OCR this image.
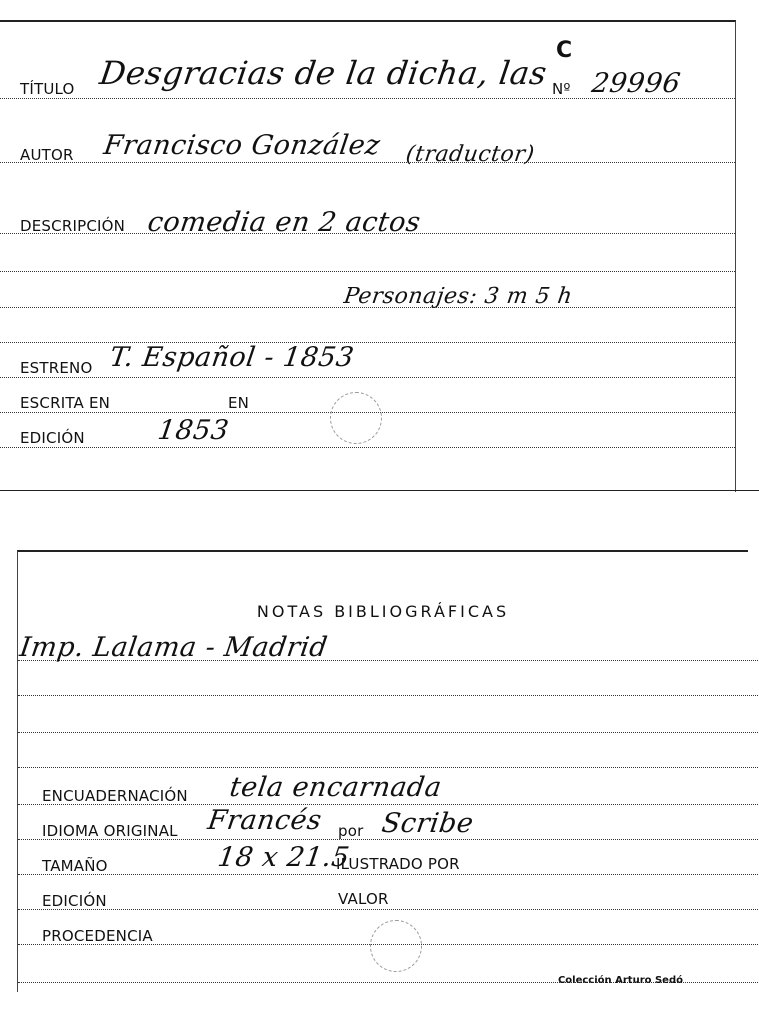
TÍTULO Desgracias de la dicha, las
C
Nº 29996
AUTOR Francisco González (traductor)
DESCRIPCIÓN comedia en 2 actos
Personajes: 3 m 5 h
ESTRENO T. Español - 1853
ESCRITA EN	EN
EDICIÓN	1853
NOTAS BIBLIOGRÁFICAS
Imp. Lalama - Madrid
ENCUADERNACIÓN tela encarnada
IDIOMA ORIGINAL Francés por Scribe
TAMAÑO	18 x 21.5
ILUSTRADO POR
EDICIÓN	VALOR
PROCEDENCIA
Colección Arturo Sedó
